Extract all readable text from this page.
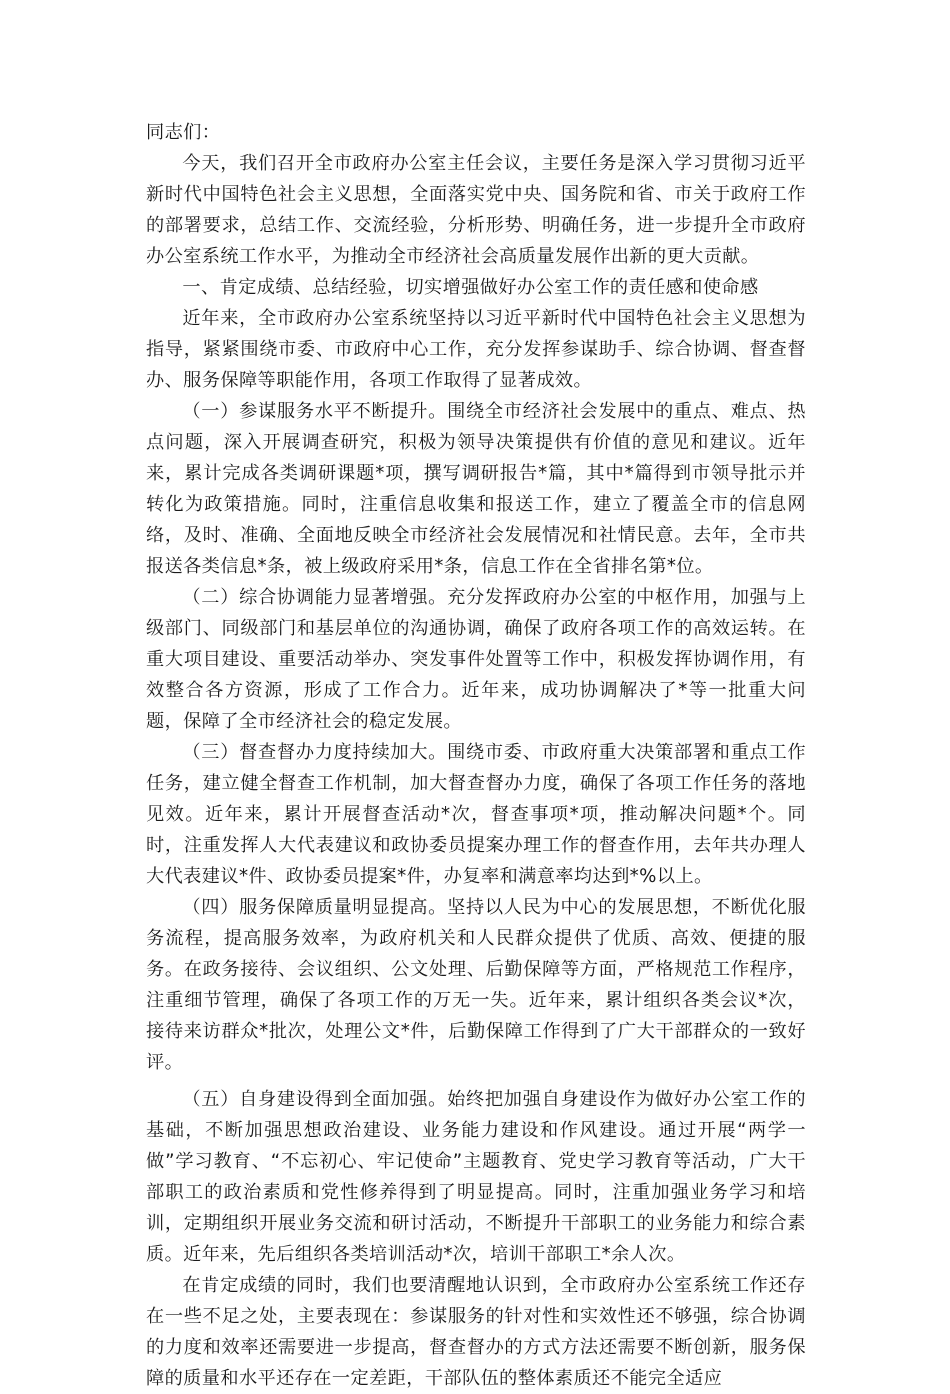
同志们：

今天，我们召开全市政府办公室主任会议，主要任务是深入学习贯彻习近平新时代中国特色社会主义思想，全面落实党中央、国务院和省、市关于政府工作的部署要求，总结工作、交流经验，分析形势、明确任务，进一步提升全市政府办公室系统工作水平，为推动全市经济社会高质量发展作出新的更大贡献。

一、肯定成绩、总结经验，切实增强做好办公室工作的责任感和使命感

近年来，全市政府办公室系统坚持以习近平新时代中国特色社会主义思想为指导，紧紧围绕市委、市政府中心工作，充分发挥参谋助手、综合协调、督查督办、服务保障等职能作用，各项工作取得了显著成效。

（一）参谋服务水平不断提升。围绕全市经济社会发展中的重点、难点、热点问题，深入开展调查研究，积极为领导决策提供有价值的意见和建议。近年来，累计完成各类调研课题*项，撰写调研报告*篇，其中*篇得到市领导批示并转化为政策措施。同时，注重信息收集和报送工作，建立了覆盖全市的信息网络，及时、准确、全面地反映全市经济社会发展情况和社情民意。去年，全市共报送各类信息*条，被上级政府采用*条，信息工作在全省排名第*位。

（二）综合协调能力显著增强。充分发挥政府办公室的中枢作用，加强与上级部门、同级部门和基层单位的沟通协调，确保了政府各项工作的高效运转。在重大项目建设、重要活动举办、突发事件处置等工作中，积极发挥协调作用，有效整合各方资源，形成了工作合力。近年来，成功协调解决了*等一批重大问题，保障了全市经济社会的稳定发展。

（三）督查督办力度持续加大。围绕市委、市政府重大决策部署和重点工作任务，建立健全督查工作机制，加大督查督办力度，确保了各项工作任务的落地见效。近年来，累计开展督查活动*次，督查事项*项，推动解决问题*个。同时，注重发挥人大代表建议和政协委员提案办理工作的督查作用，去年共办理人大代表建议*件、政协委员提案*件，办复率和满意率均达到*%以上。

（四）服务保障质量明显提高。坚持以人民为中心的发展思想，不断优化服务流程，提高服务效率，为政府机关和人民群众提供了优质、高效、便捷的服务。在政务接待、会议组织、公文处理、后勤保障等方面，严格规范工作程序，注重细节管理，确保了各项工作的万无一失。近年来，累计组织各类会议*次，接待来访群众*批次，处理公文*件，后勤保障工作得到了广大干部群众的一致好评。

（五）自身建设得到全面加强。始终把加强自身建设作为做好办公室工作的基础，不断加强思想政治建设、业务能力建设和作风建设。通过开展“两学一做”学习教育、“不忘初心、牢记使命”主题教育、党史学习教育等活动，广大干部职工的政治素质和党性修养得到了明显提高。同时，注重加强业务学习和培训，定期组织开展业务交流和研讨活动，不断提升干部职工的业务能力和综合素质。近年来，先后组织各类培训活动*次，培训干部职工*余人次。

在肯定成绩的同时，我们也要清醒地认识到，全市政府办公室系统工作还存在一些不足之处，主要表现在：参谋服务的针对性和实效性还不够强，综合协调的力度和效率还需要进一步提高，督查督办的方式方法还需要不断创新，服务保障的质量和水平还存在一定差距，干部队伍的整体素质还不能完全适应
